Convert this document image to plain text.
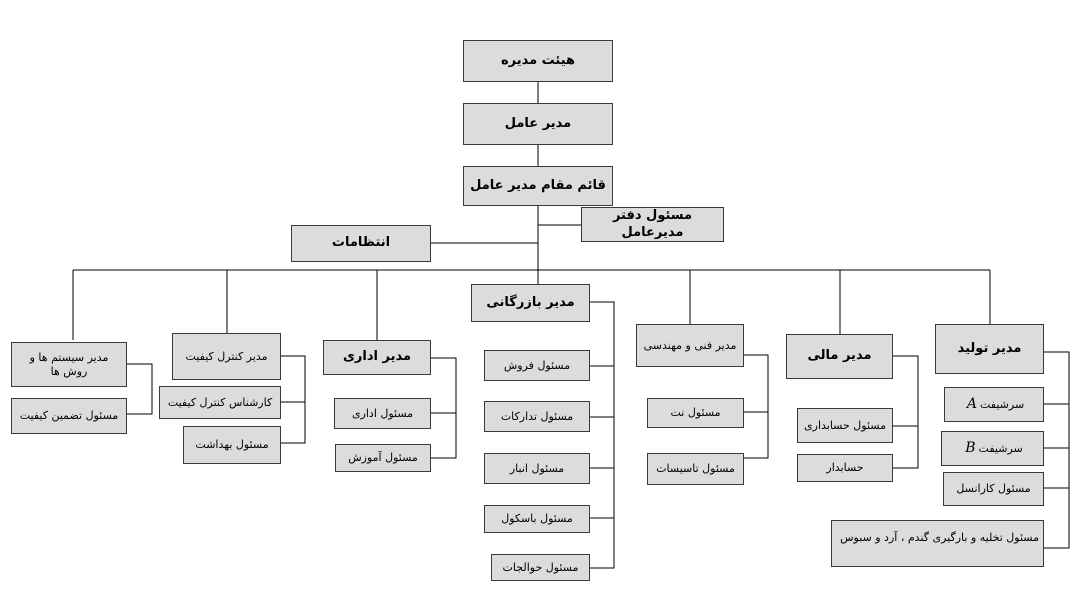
هیئت مدیره
مدیر عامل
قائم مقام مدیر عامل
مسئول دفتر مدیرعامل
انتظامات
مدیر تولید
سرشیفت
A
سرشیفت
B
مسئول کارانسل
مسئول تخلیه و بارگیری گندم ، آرد و سبوس
مدیر مالی
مسئول حسابداری
حسابدار
مدیر فنی و مهندسی
مسئول نت
مسئول تاسیسات
مدیر بازرگانی
مسئول فروش
مسئول تدارکات
مسئول انبار
مسئول باسکول
مسئول حوالجات
مدیر اداری
مسئول اداری
مسئول آموزش
مدیر کنترل کیفیت
کارشناس کنترل کیفیت
مسئول بهداشت
مدیر سیستم ها و روش ها
مسئول تضمین کیفیت
